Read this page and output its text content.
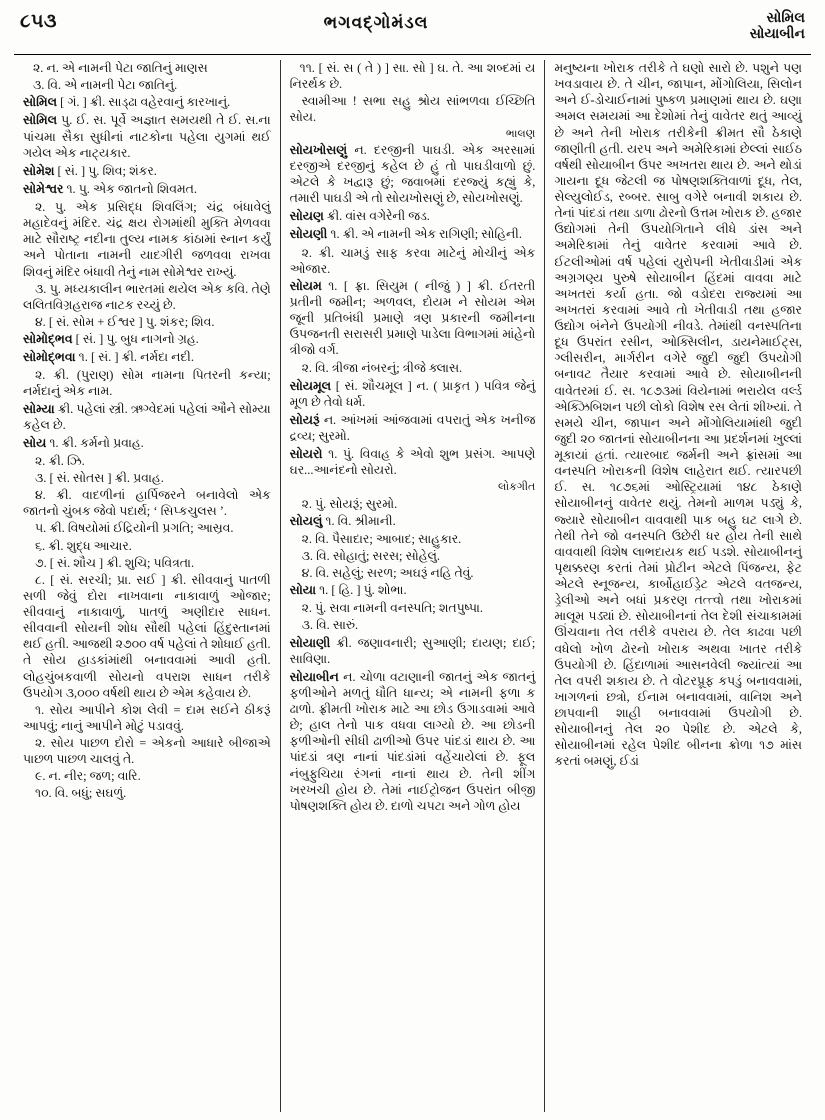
૮૫૩	ભગવદ્ગોમંડલ	સોમિલ
સોયાબીન

૨. ન. એ નામની પેટા જાતિનું માણસ

૩. વિ. એ નામની પેટા જાતિનું.

સોમિલ [ ગં. ] ક્રી. સાડ્ઢા વહેરવાનું કારખાનું.

સોમિલ પુ. ઈ. સ. પૂર્વે અજ્ઞાત સમયથી તે ઈ. સ.ના પાંચમા સૈકા સુધીનાં નાટકોના પહેલા યુગમાં થઈ ગયેલ એક નાટ્યકાર.

સોમેશ [ સં. ] પુ. શિવ; શંકર.

સોમેશ્વર ૧. પુ. એક જાતનો શિવમત.

૨. પુ. એક પ્રસિદ્ધ શિવલિંગ; ચંદ્ર બંધાવેલું મહાદેવનું મંદિર. ચંદ્ર ક્ષય રોગમાંથી મુક્તિ મેળવવા માટે સૌરાષ્ટ્ર નદીના તુલ્ય નામક કાંઠામાં સ્નાન કર્યું અને પોતાના નામની યાદગીરી જળવવા રાખવા શિવનું મંદિર બંધાવી તેનું નામ સોમેશ્વર રાખ્યું.

૩. પુ. મધ્યકાલીન ભારતમાં થયેલ એક કવિ. તેણે લલિતવિગ્રહરાજ નાટક રચ્યું છે.

૪. [ સં. સોમ + ઈશ્વર ] પુ. શંકર; શિવ.

સોમોદ્ભવ [ સં. ] પુ. બુધ નાગનો ગ્રહ.

સોમોદ્ભવા ૧. [ સં. ] ક્રી. નર્મદા નદી.

૨. ક્રી. (પુરાણ) સોમ નામના પિતરની કન્યા; નર્મદાનું એક નામ.

સોમ્યા ક્રી. પહેલાં સ્ત્રી. ઋગ્વેદમાં પહેલાં ઔને સોમ્યા કહેલ છે.

સોય ૧. ક્રી. કર્મનો પ્રવાહ.

૨. ક્રી. ઝિ.

૩. [ સં. સોતસ ] ક્રી. પ્રવાહ.

૪. ક્રી. વાદળીનાં હાર્પિજરને બનાવેલો એક જાતનો ચુંબક જેવો પદાર્થ; ‘ સિપ્કચુલસ ’.

૫. ક્રી. વિષયોમાં ઈદ્રિયોની પ્રગતિ; આસ્રવ.

૬. ક્રી. શુદ્ધ આચાર.

૭. [ સં. શૌચ ] ક્રી. શુચિ; પવિત્રતા.

૮. [ સં. સરચી; પ્રા. સઈ ] ક્રી. સીવવાનું પાતળી સળી જેવું દોરા નાખવાના નાકાવાળું ઓજાર; સીવવાનું નાકાવાળું, પાતળું અણીદાર સાધન. સીવવાની સોયની શોધ સૌથી પહેલાં હિંદુસ્તાનમાં થઈ હતી. આજથી ૨૭૦૦ વર્ષ પહેલાં તે શોધાઈ હતી. તે સોય હાડકાંમાંથી બનાવવામાં આવી હતી. લોહચુંબકવાળી સોયનો વપરાશ સાધન તરીકે ઉપયોગ ૩,૦૦૦ વર્ષથી થાય છે એમ કહેવાય છે.

૧. સોય આપીને કોશ લેવી = દામ સઈને ઠીકરૂં આપવું; નાનું આપીને મોટું પડાવવું.

૨. સોય પાછળ દોરો = એકનો આધારે બીજાએ પાછળ પાછળ ચાલવું તે.

૯. ન. નીર; જળ; વારિ.

૧૦. વિ. બધું; સઘળું.

૧૧. [ સં. સ ( તે ) ] સા. સો ] ઘ. તે. આ શબ્દમાં ય નિરર્થક છે.

સ્વામીઆ ! સભા સહુ શ્રોય સાંભળવા ઈચ્છિતિ સોય.

ભાલણ

સોયખોસણું ન. દરજીની પાઘડી. એક અરસામાં દરજીએ દરજીનું કહેલ છે હું તો પાઘડીવાળો છું. એટલે કે ખદ્વારૂ છું; જવાબમાં દરજ્યું કહ્યું કે, તમારી પાઘડી એ તો સોયખોસણું છે, સોયખોસણું.

સોયણ ક્રી. વાંસ વગેરેની જડ.

સોયણી ૧. ક્રી. એ નામની એક રાગિણી; સોહિની.

૨. ક્રી. ચામડું સાફ કરવા માટેનું મોચીનું એક ઓજાર.

સોયમ ૧. [ ફ્રા. સિયુમ ( નીજું ) ] ક્રી. ઈતરતી પ્રતીની જમીન; અળવલ, દોયમ ને સોયમ એમ જૂની પ્રતિબંધી પ્રમાણે ત્રણ પ્રકારની જમીનના ઉપજનતી સરાસરી પ્રમાણે પાડેલા વિભાગમાં માંહેનો ત્રીજો વર્ગ.

૨. વિ. ત્રીજા નંબરનું; ત્રીજે ક્લાસ.

સોયમૂલ [ સં. શૌચમૂલ ] ન. ( પ્રાકૃત ) પવિત્ર જેનું મૂળ છે તેવો ધર્મ.

સોયરૂં ન. આંખમાં આંજવામાં વપરાતું એક ખનીજ દ્રવ્ય; સુરમો.

સોયરો ૧. પું. વિવાહ કે એવો શુભ પ્રસંગ. આપણે ઘર...આનંદનો સોયરો.

લોકગીત

૨. પું. સોયરૂં; સુરમો.

સોયલું ૧. વિ. શ્રીમાની.

૨. વિ. પૈસાદાર; આબાદ; સાહુકાર.

૩. વિ. સોહાતું; સરસ; સોહેલું.

૪. વિ. સહેલું; સરળ; અઘરૂં નહિ તેવું.

સોયા ૧. [ હિ. ] પું. શોભા.

૨. પું. સવા નામની વનસ્પતિ; શતપુષ્પા.

૩. વિ. સારું.

સોયાણી ક્રી. જણાવનારી; સુઆણી; દાયણ; દાઈ; સાવિણા.

સોયાબીન ન. ચોળા વટાણાની જાતનું એક જાતનું ફળીઓને મળતું ધૌતિ ધાન્ય; એ નામની ફળા ક ઢાળો. ફ્રીમતી ખોરાક માટે આ છોડ ઉગાડવામાં આવે છે; હાલ તેનો પાક વધવા લાગ્યો છે. આ છોડની ફળીઓની સીધી ઢાળીઓ ઉપર પાંદડાં થાય છે. આ પાંદડાં ત્રણ નાનાં પાંદડાંમાં વહેંચાયેલાં છે. ફૂલ નંબુફુચિયા રંગનાં નાનાં થાય છે. તેની શીંગ ખરખચી હોય છે. તેમાં નાઈટ્રોજન ઉપરાંત બીજી પોષણશક્તિ હોય છે. દાળો ચપટા અને ગોળ હોય

મનુષ્યના ખોરાક તરીકે તે ઘણો સારો છે. પશુને પણ ખવડાવાય છે. તે ચીન, જાપાન, મોંગોલિયા, સિલોન અને ઈ-ડોચાઈનામાં પુષ્કળ પ્રમાણમાં થાય છે. ઘણા અમલ સમયમાં આ દેશોમાં તેનું વાવેતર થતું આવ્યું છે અને તેની ખોરાક તરીકેની ક્રીમત સૌ ઠેકાણે જાણીતી હતી. યરપ અને અમેરિકામાં છેલ્લાં સાઈઠ વર્ષથી સોયાબીન ઉપર અખતરા થાય છે. અને થોડાં ગાયના દૂધ જેટલી જ પોષણશક્તિવાળાં દૂધ, તેલ, સેલ્યુલોઈડ, રબ્બર. સાબુ વગેરે બનાવી શકાય છે. તેનાં પાંદડાં તથા ડાળા ઢોરનો ઉત્તમ ખોરાક છે. હજાર ઉદ્યોગમાં તેની ઉપયોગિતાને લીધે ડાંસ અને અમેરિકામાં તેનું વાવેતર કરવામાં આવે છે. ઈટલીઓમાં વર્ષ પહેલાં યુરોપની ખેતીવાડીમાં એક અગ્રગણ્ય પુરુષે સોયાબીન હિંદમાં વાવવા માટે અખતરાં કર્યા હતા. જો વડોદરા રાજ્યમાં આ અખતરાં કરવામાં આવે તો ખેતીવાડી તથા હજાર ઉદ્યોગ બંનેને ઉપયોગી નીવડે. તેમાંથી વનસ્પતિના દૂધ ઉપરાંત રસીન, ઓક્સિલીન, ડાયનેમાઈટ્સ, ગ્લીસરીન, માર્ગરીન વગેરે જુદી જુદી ઉપયોગી બનાવટ તૈયાર કરવામાં આવે છે. સોયાબીનની વાવેતરમાં ઈ. સ. ૧૮૭૩માં વિયેનામાં ભરાયેલ વર્લ્ડ એક્ઝિબિશન પછી લોકો વિશેષ રસ લેતાં શીખ્યાં. તે સમયે ચીન, જાપાન અને મોંગોલિયામાંથી જુદી જુદી ૨૦ જાતનાં સોયાબીનના આ પ્રદર્શનમાં ખુલ્લાં મૂકાયાં હતાં. ત્યારબાદ જર્મની અને ફ્રાંસમાં આ વનસ્પતિ ખોરાકની વિશેષ લાહેરાત થઈ. ત્યારપછી ઈ. સ. ૧૮૭૬માં ઓસ્ટ્રિયામાં ૧૪૮ ઠેકાણે સોયાબીનનું વાવેતર થયું. તેમનો માળમ પડ્યું કે, જ્યારે સોયાબીન વાવવાથી પાક બહુ ઘટ લાગે છે. તેથી તેને જો વનસ્પતિ ઉછેરી ધર હોય તેની સાથે વાવવાથી વિશેષ લાભદાયક થઈ પડશે. સોયાબીનનું પૃથક્કરણ કરતાં તેમાં પ્રોટીન એટલે પિંજન્ય, ફેટ એટલે સ્નૂજન્ય, કાર્બોહાઈડ્રેટ એટલે વતજન્ય, ડ્રેલીઓ અને બધાં પ્રકરણ તત્ત્વો તથા ખોરાકમાં માલૂમ પડ્યાં છે. સોયાબીનનાં તેલ દેશી સંચાકામમાં ઊંચવાના તેલ તરીકે વપરાય છે. તેલ કાઢવા પછી વધેલો ખોળ ઢોરનો ખોરાક અથવા ખાતર તરીકે ઉપયોગી છે. હિંદાળામાં આસનવેલી જ્યાંત્યાં આ તેલ વપરી શકાય છે. તે વોટરપ્રૂફ કપડું બનાવવામાં, ખાગળનાં છત્રો, ઈનામ બનાવવામાં, વાનિશ અને છાપવાની શાહી બનાવવામાં ઉપયોગી છે. સોયાબીનનું તેલ ૨૦ પેશીદ છે. એટલે કે, સોયાબીનમાં રહેલ પેશીદ બીનના ક્રોળા ૧૭ માંસ કરતાં બમણું, ઈડાં
